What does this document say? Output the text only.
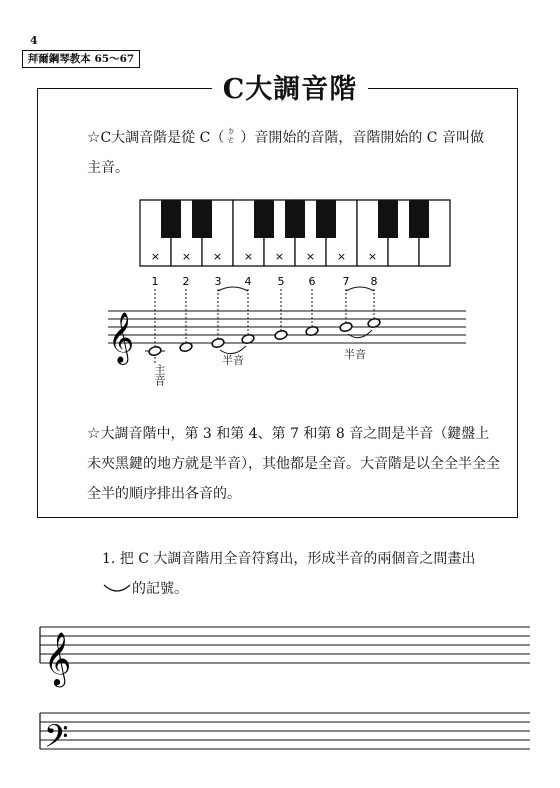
4
拜爾鋼琴教本 65～67
C大調音階
☆C大調音階是從 C（ ㄉㄜ ）音開始的音階，音階開始的 C 音叫做主音。
× × × × × × × ×
𝄞
1 2 3 4 5 6 7 8
𝄞
𝄢
主音
半音	半音
☆大調音階中，第 3 和第 4、第 7 和第 8 音之間是半音（鍵盤上未夾黑鍵的地方就是半音），其他都是全音。大音階是以全全半全全全半的順序排出各音的。
1. 把 C 大調音階用全音符寫出，形成半音的兩個音之間畫出的記號。
